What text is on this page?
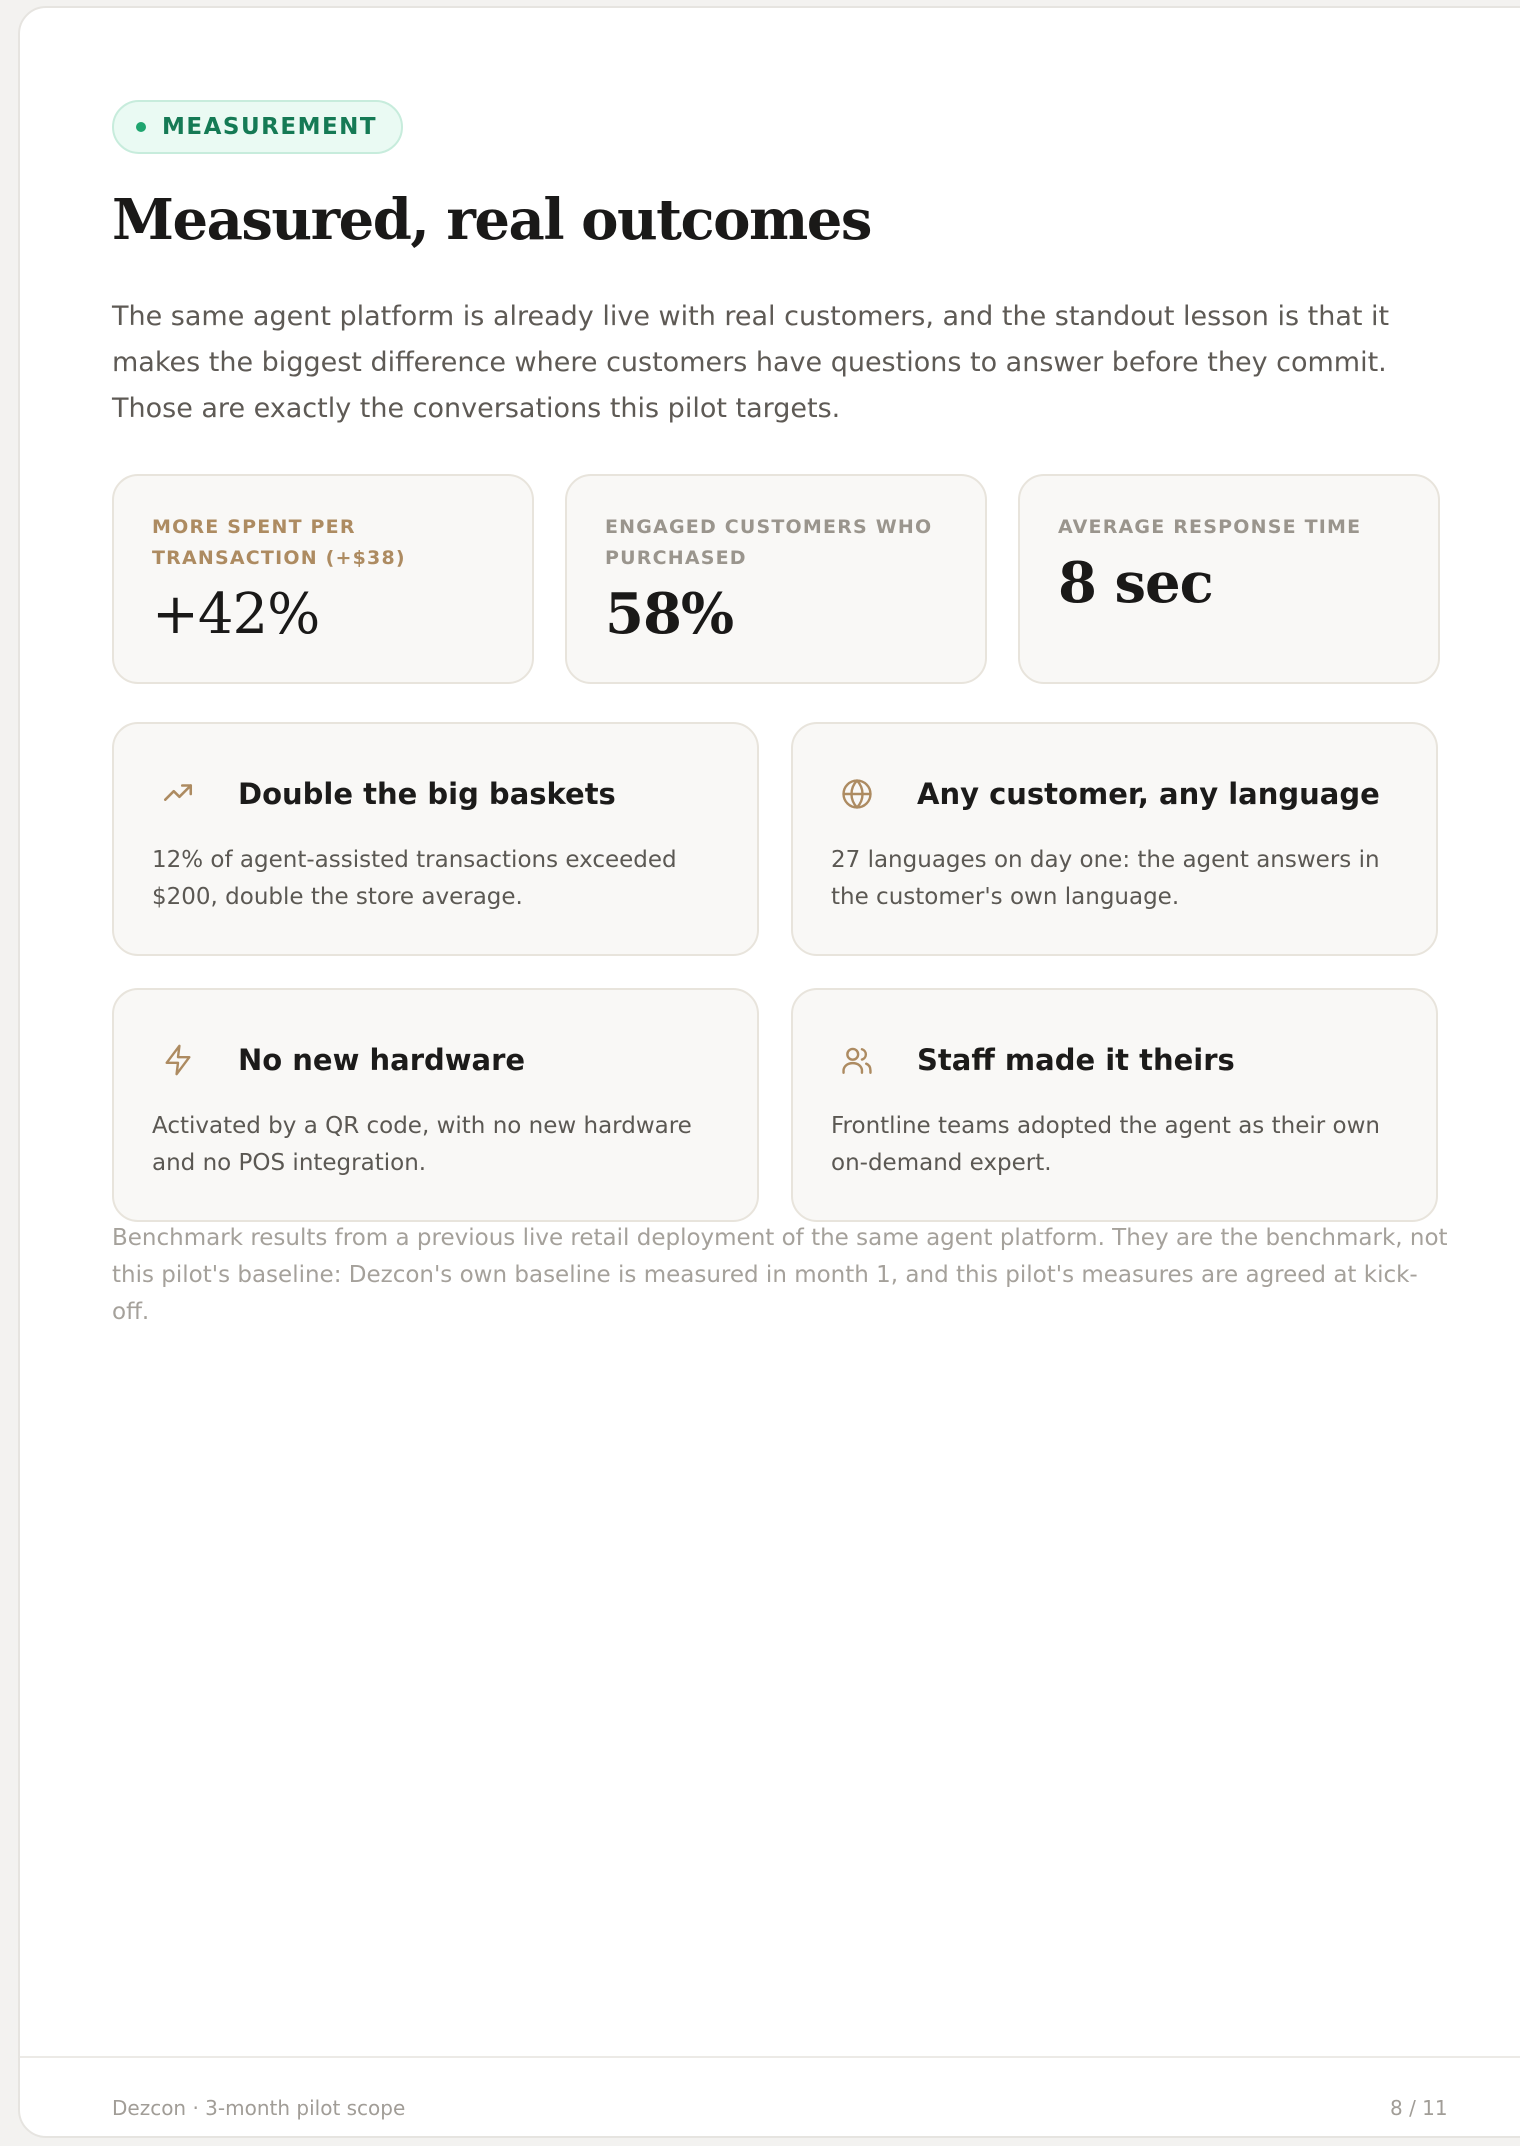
MEASUREMENT
Measured, real outcomes

The same agent platform is already live with real customers, and the standout lesson is that it makes the biggest difference where customers have questions to answer before they commit. Those are exactly the conversations this pilot targets.

MORE SPENT PER TRANSACTION (+$38)
+42%
ENGAGED CUSTOMERS WHO PURCHASED
58%
AVERAGE RESPONSE TIME
8 sec
Double the big baskets

12% of agent-assisted transactions exceeded $200, double the store average.

Any customer, any language

27 languages on day one: the agent answers in the customer's own language.

No new hardware

Activated by a QR code, with no new hardware and no POS integration.

Staff made it theirs

Frontline teams adopted the agent as their own on-demand expert.

Benchmark results from a previous live retail deployment of the same agent platform. They are the benchmark, not this pilot's baseline: Dezcon's own baseline is measured in month 1, and this pilot's measures are agreed at kick-off.

Dezcon · 3-month pilot scope	8 / 11
